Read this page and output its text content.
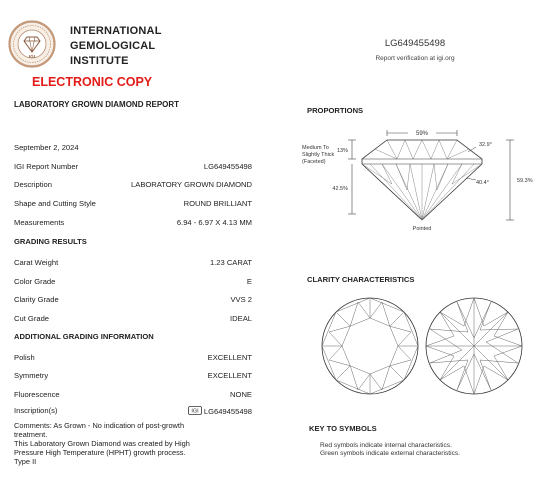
IGI
INTERNATIONAL
GEMOLOGICAL
INSTITUTE
ELECTRONIC COPY
LABORATORY GROWN DIAMOND REPORT
LG649455498
Report verification at igi.org
September 2, 2024
IGI Report Number	LG649455498
Description	LABORATORY GROWN DIAMOND
Shape and Cutting Style	ROUND BRILLIANT
Measurements	6.94 - 6.97 X 4.13 MM
GRADING RESULTS
Carat Weight	1.23 CARAT
Color Grade	E
Clarity Grade	VVS 2
Cut Grade	IDEAL
ADDITIONAL GRADING INFORMATION
Polish	EXCELLENT
Symmetry	EXCELLENT
Fluorescence	NONE
Inscription(s)	IGI LG649455498
Comments: As Grown - No indication of post-growth
treatment.
This Laboratory Grown Diamond was created by High
Pressure High Temperature (HPHT) growth process.
Type II
PROPORTIONS
59%
32.9°
40.4°	59.3%
13%
42.5%
Medium To
Slightly Thick
(Faceted)
Pointed
CLARITY CHARACTERISTICS
KEY TO SYMBOLS
Red symbols indicate internal characteristics.
Green symbols indicate external characteristics.
